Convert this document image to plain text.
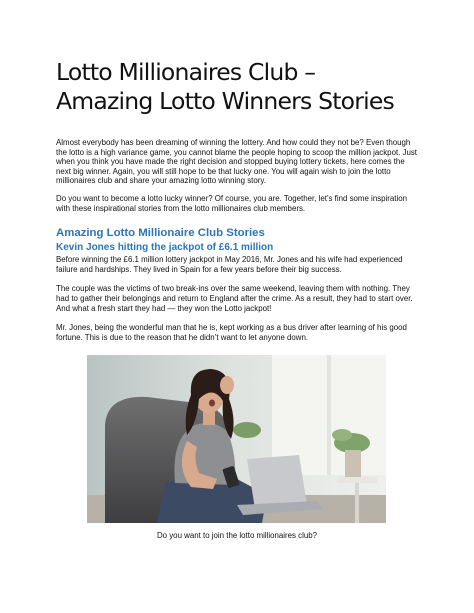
Lotto Millionaires Club – Amazing Lotto Winners Stories

Almost everybody has been dreaming of winning the lottery. And how could they not be? Even though the lotto is a high variance game, you cannot blame the people hoping to scoop the million jackpot. Just when you think you have made the right decision and stopped buying lottery tickets, here comes the next big winner. Again, you will still hope to be that lucky one. You will again wish to join the lotto millionaires club and share your amazing lotto winning story.

Do you want to become a lotto lucky winner? Of course, you are. Together, let’s find some inspiration with these inspirational stories from the lotto millionaires club members.

Amazing Lotto Millionaire Club Stories
Kevin Jones hitting the jackpot of £6.1 million

Before winning the £6.1 million lottery jackpot in May 2016, Mr. Jones and his wife had experienced failure and hardships. They lived in Spain for a few years before their big success.

The couple was the victims of two break-ins over the same weekend, leaving them with nothing. They had to gather their belongings and return to England after the crime. As a result, they had to start over. And what a fresh start they had — they won the Lotto jackpot!

Mr. Jones, being the wonderful man that he is, kept working as a bus driver after learning of his good fortune. This is due to the reason that he didn’t want to let anyone down.

Do you want to join the lotto millionaires club?
